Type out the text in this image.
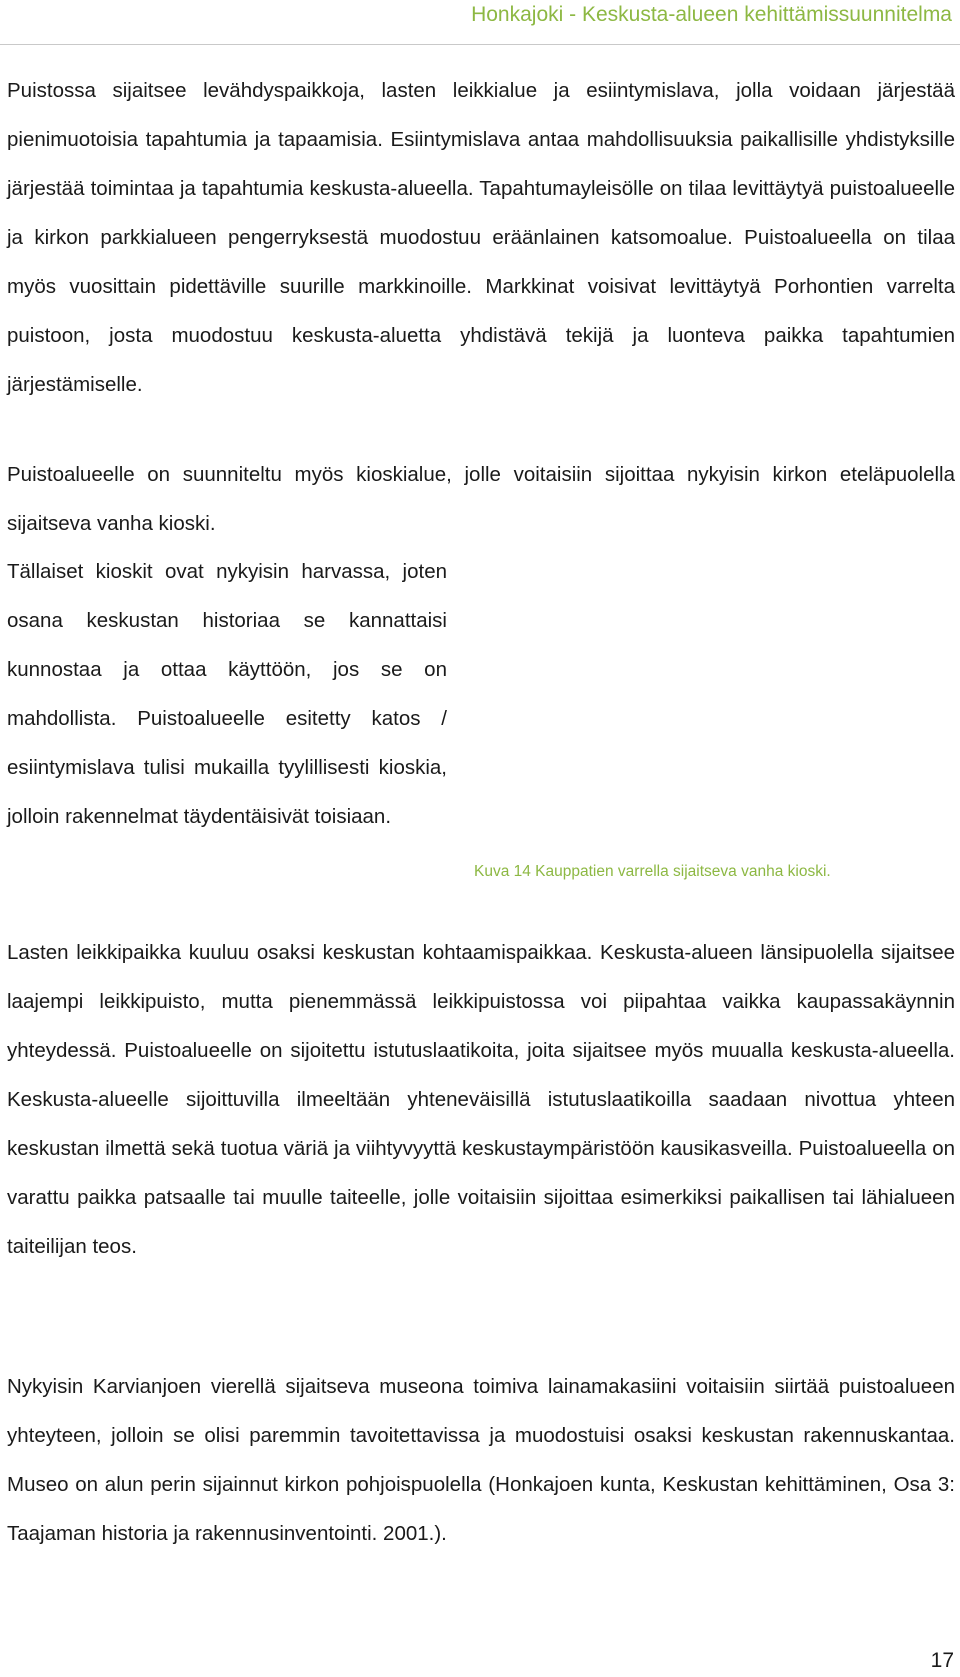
Honkajoki - Keskusta-alueen kehittämissuunnitelma

Puistossa sijaitsee levähdyspaikkoja, lasten leikkialue ja esiintymislava, jolla voidaan järjestää pienimuotoisia tapahtumia ja tapaamisia. Esiintymislava antaa mahdollisuuksia paikallisille yhdistyksille järjestää toimintaa ja tapahtumia keskusta-alueella. Tapahtumayleisölle on tilaa levittäytyä puistoalueelle ja kirkon parkkialueen pengerryksestä muodostuu eräänlainen katsomoalue. Puistoalueella on tilaa myös vuosittain pidettäville suurille markkinoille. Markkinat voisivat levittäytyä Porhontien varrelta puistoon, josta muodostuu keskusta-aluetta yhdistävä tekijä ja luonteva paikka tapahtumien järjestämiselle.

Puistoalueelle on suunniteltu myös kioskialue, jolle voitaisiin sijoittaa nykyisin kirkon eteläpuolella sijaitseva vanha kioski.

Tällaiset kioskit ovat nykyisin harvassa, joten osana keskustan historiaa se kannattaisi kunnostaa ja ottaa käyttöön, jos se on mahdollista. Puistoalueelle esitetty katos / esiintymislava tulisi mukailla tyylillisesti kioskia, jolloin rakennelmat täydentäisivät toisiaan.

Kuva 14 Kauppatien varrella sijaitseva vanha kioski.

Lasten leikkipaikka kuuluu osaksi keskustan kohtaamispaikkaa. Keskusta-alueen länsipuolella sijaitsee laajempi leikkipuisto, mutta pienemmässä leikkipuistossa voi piipahtaa vaikka kaupassakäynnin yhteydessä. Puistoalueelle on sijoitettu istutuslaatikoita, joita sijaitsee myös muualla keskusta-alueella. Keskusta-alueelle sijoittuvilla ilmeeltään yhteneväisillä istutuslaatikoilla saadaan nivottua yhteen keskustan ilmettä sekä tuotua väriä ja viihtyvyyttä keskustaympäristöön kausikasveilla. Puistoalueella on varattu paikka patsaalle tai muulle taiteelle, jolle voitaisiin sijoittaa esimerkiksi paikallisen tai lähialueen taiteilijan teos.

Nykyisin Karvianjoen vierellä sijaitseva museona toimiva lainamakasiini voitaisiin siirtää puistoalueen yhteyteen, jolloin se olisi paremmin tavoitettavissa ja muodostuisi osaksi keskustan rakennuskantaa. Museo on alun perin sijainnut kirkon pohjoispuolella (Honkajoen kunta, Keskustan kehittäminen, Osa 3: Taajaman historia ja rakennusinventointi. 2001.).

17
